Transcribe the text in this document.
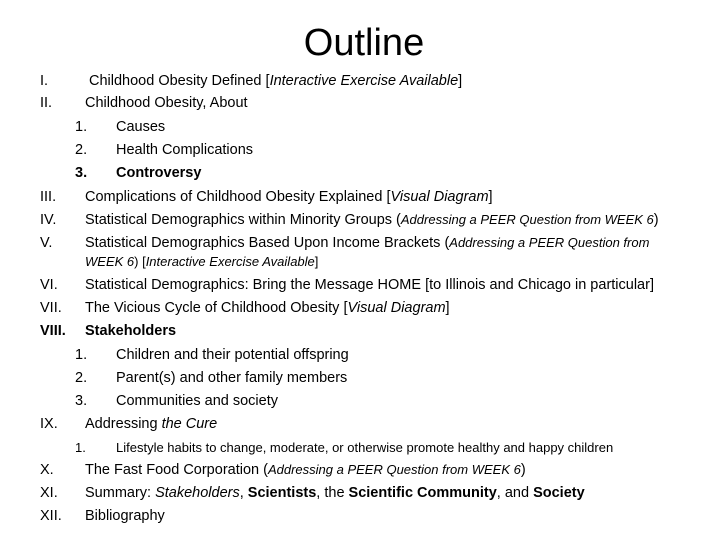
Outline
I.	Childhood Obesity Defined [Interactive Exercise Available]
II. Childhood Obesity, About
1. Causes
2. Health Complications
3. Controversy
III. Complications of Childhood Obesity Explained [Visual Diagram]
IV. Statistical Demographics within Minority Groups (Addressing a PEER Question from WEEK 6)
V. Statistical Demographics Based Upon Income Brackets (Addressing a PEER Question from
WEEK 6) [Interactive Exercise Available]
VI. Statistical Demographics: Bring the Message HOME [to Illinois and Chicago in particular]
VII. The Vicious Cycle of Childhood Obesity [Visual Diagram]
VIII. Stakeholders
1. Children and their potential offspring
2. Parent(s) and other family members
3. Communities and society
IX. Addressing the Cure
1. Lifestyle habits to change, moderate, or otherwise promote healthy and happy children
X. The Fast Food Corporation (Addressing a PEER Question from WEEK 6)
XI. Summary: Stakeholders, Scientists, the Scientific Community, and Society
XII. Bibliography
